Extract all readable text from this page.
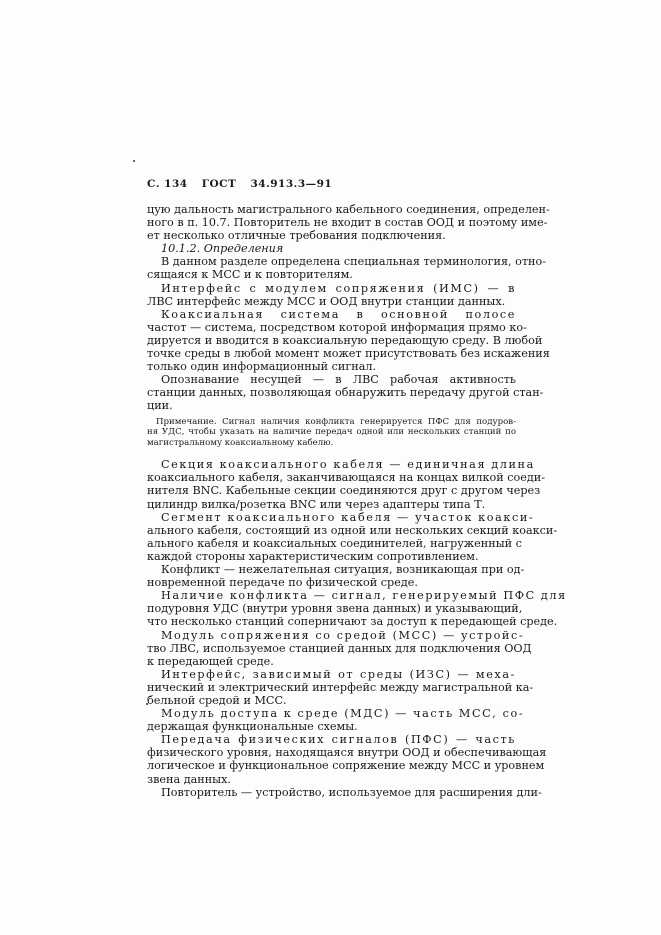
С. 134 ГОСТ 34.913.3—91
цую дальность магистрального кабельного соединения, определен-
ного в п. 10.7. Повторитель не входит в состав ООД и поэтому име-
ет несколько отличные требования подключения.
10.1.2. Определения
В данном разделе определена специальная терминология, отно-
сящаяся к МСС и к повторителям.
Интерфейс с модулем сопряжения (ИМС) — в
ЛВС интерфейс между МСС и ООД внутри станции данных.
Коаксиальная система в основной полосе
частот — система, посредством которой информация прямо ко-
дируется и вводится в коаксиальную передающую среду. В любой
точке среды в любой момент может присутствовать без искажения
только один информационный сигнал.
Опознавание несущей — в ЛВС рабочая активность
станции данных, позволяющая обнаружить передачу другой стан-
ции.
Примечание. Сигнал наличия конфликта генерируется ПФС для подуров-
ня УДС, чтобы указать на наличие передач одной или нескольких станций по
магистральному коаксиальному кабелю.
Секция коаксиального кабеля — единичная длина
коаксиального кабеля, заканчивающаяся на концах вилкой соеди-
нителя BNC. Кабельные секции соединяются друг с другом через
цилиндр вилка/розетка BNC или через адаптеры типа Т.
Сегмент коаксиального кабеля — участок коакси-
ального кабеля, состоящий из одной или нескольких секций коакси-
ального кабеля и коаксиальных соединителей, нагруженный с
каждой стороны характеристическим сопротивлением.
Конфликт — нежелательная ситуация, возникающая при од-
новременной передаче по физической среде.
Наличие конфликта — сигнал, генерируемый ПФС для
подуровня УДС (внутри уровня звена данных) и указывающий,
что несколько станций соперничают за доступ к передающей среде.
Модуль сопряжения со средой (МСС) — устройс-
тво ЛВС, используемое станцией данных для подключения ООД
к передающей среде.
Интерфейс, зависимый от среды (ИЗС) — меха-
нический и электрический интерфейс между магистральной ка-
бельной средой и МСС.
Модуль доступа к среде (МДС) — часть МСС, со-
держащая функциональные схемы.
Передача физических сигналов (ПФС) — часть
физического уровня, находящаяся внутри ООД и обеспечивающая
логическое и функциональное сопряжение между МСС и уровнем
звена данных.
Повторитель — устройство, используемое для расширения дли-
